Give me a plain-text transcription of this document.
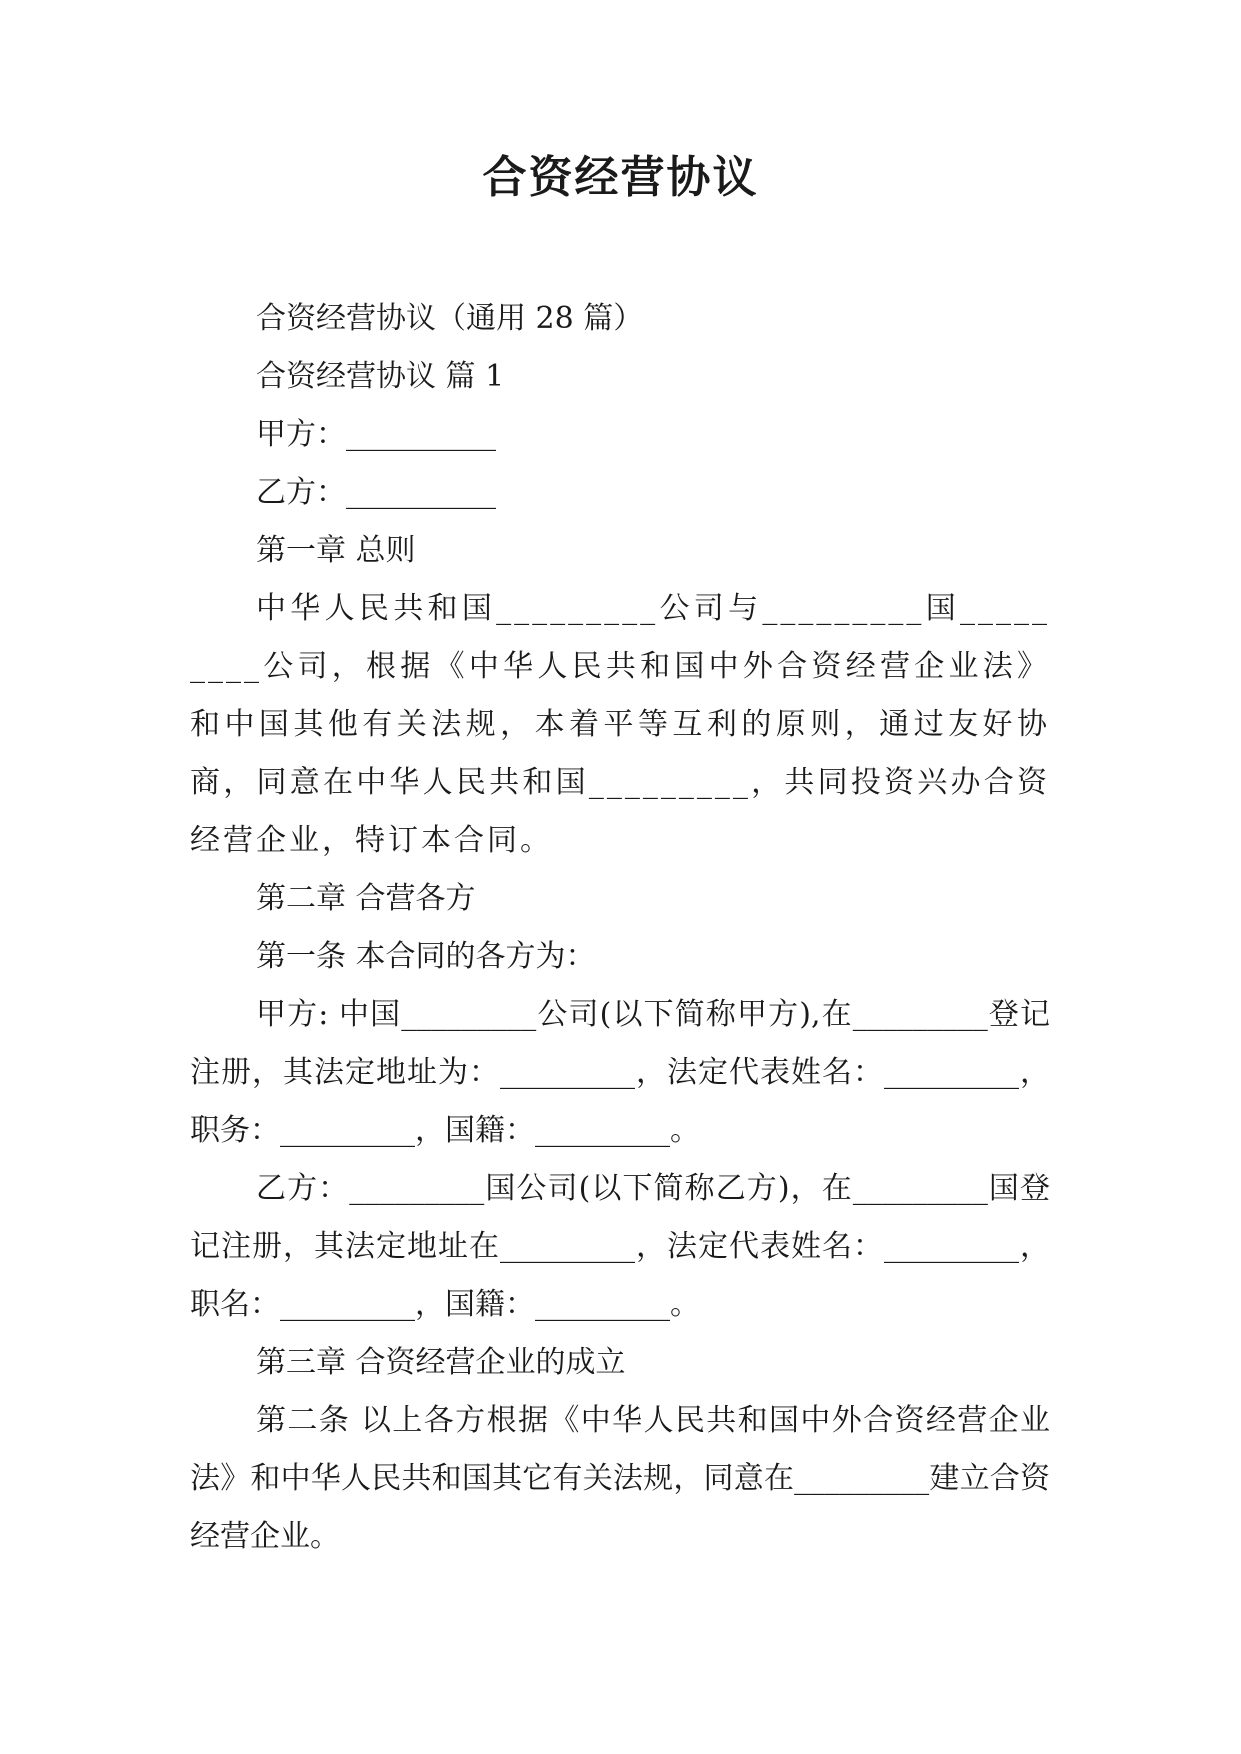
合资经营协议

合资经营协议（通用 28 篇）

合资经营协议 篇 1

甲方：__________

乙方：__________

第一章 总则

中华人民共和国_________公司与_________国_________公司，根据《中华人民共和国中外合资经营企业法》和中国其他有关法规，本着平等互利的原则，通过友好协商，同意在中华人民共和国_________，共同投资兴办合资经营企业，特订本合同。

第二章 合营各方

第一条 本合同的各方为：

甲方: 中国_________公司(以下简称甲方),在_________登记注册，其法定地址为：_________，法定代表姓名：_________，职务：_________，国籍：_________。

乙方：_________国公司(以下简称乙方)，在_________国登记注册，其法定地址在_________，法定代表姓名：_________，职名：_________，国籍：_________。

第三章 合资经营企业的成立

第二条 以上各方根据《中华人民共和国中外合资经营企业法》和中华人民共和国其它有关法规，同意在_________建立合资经营企业。
